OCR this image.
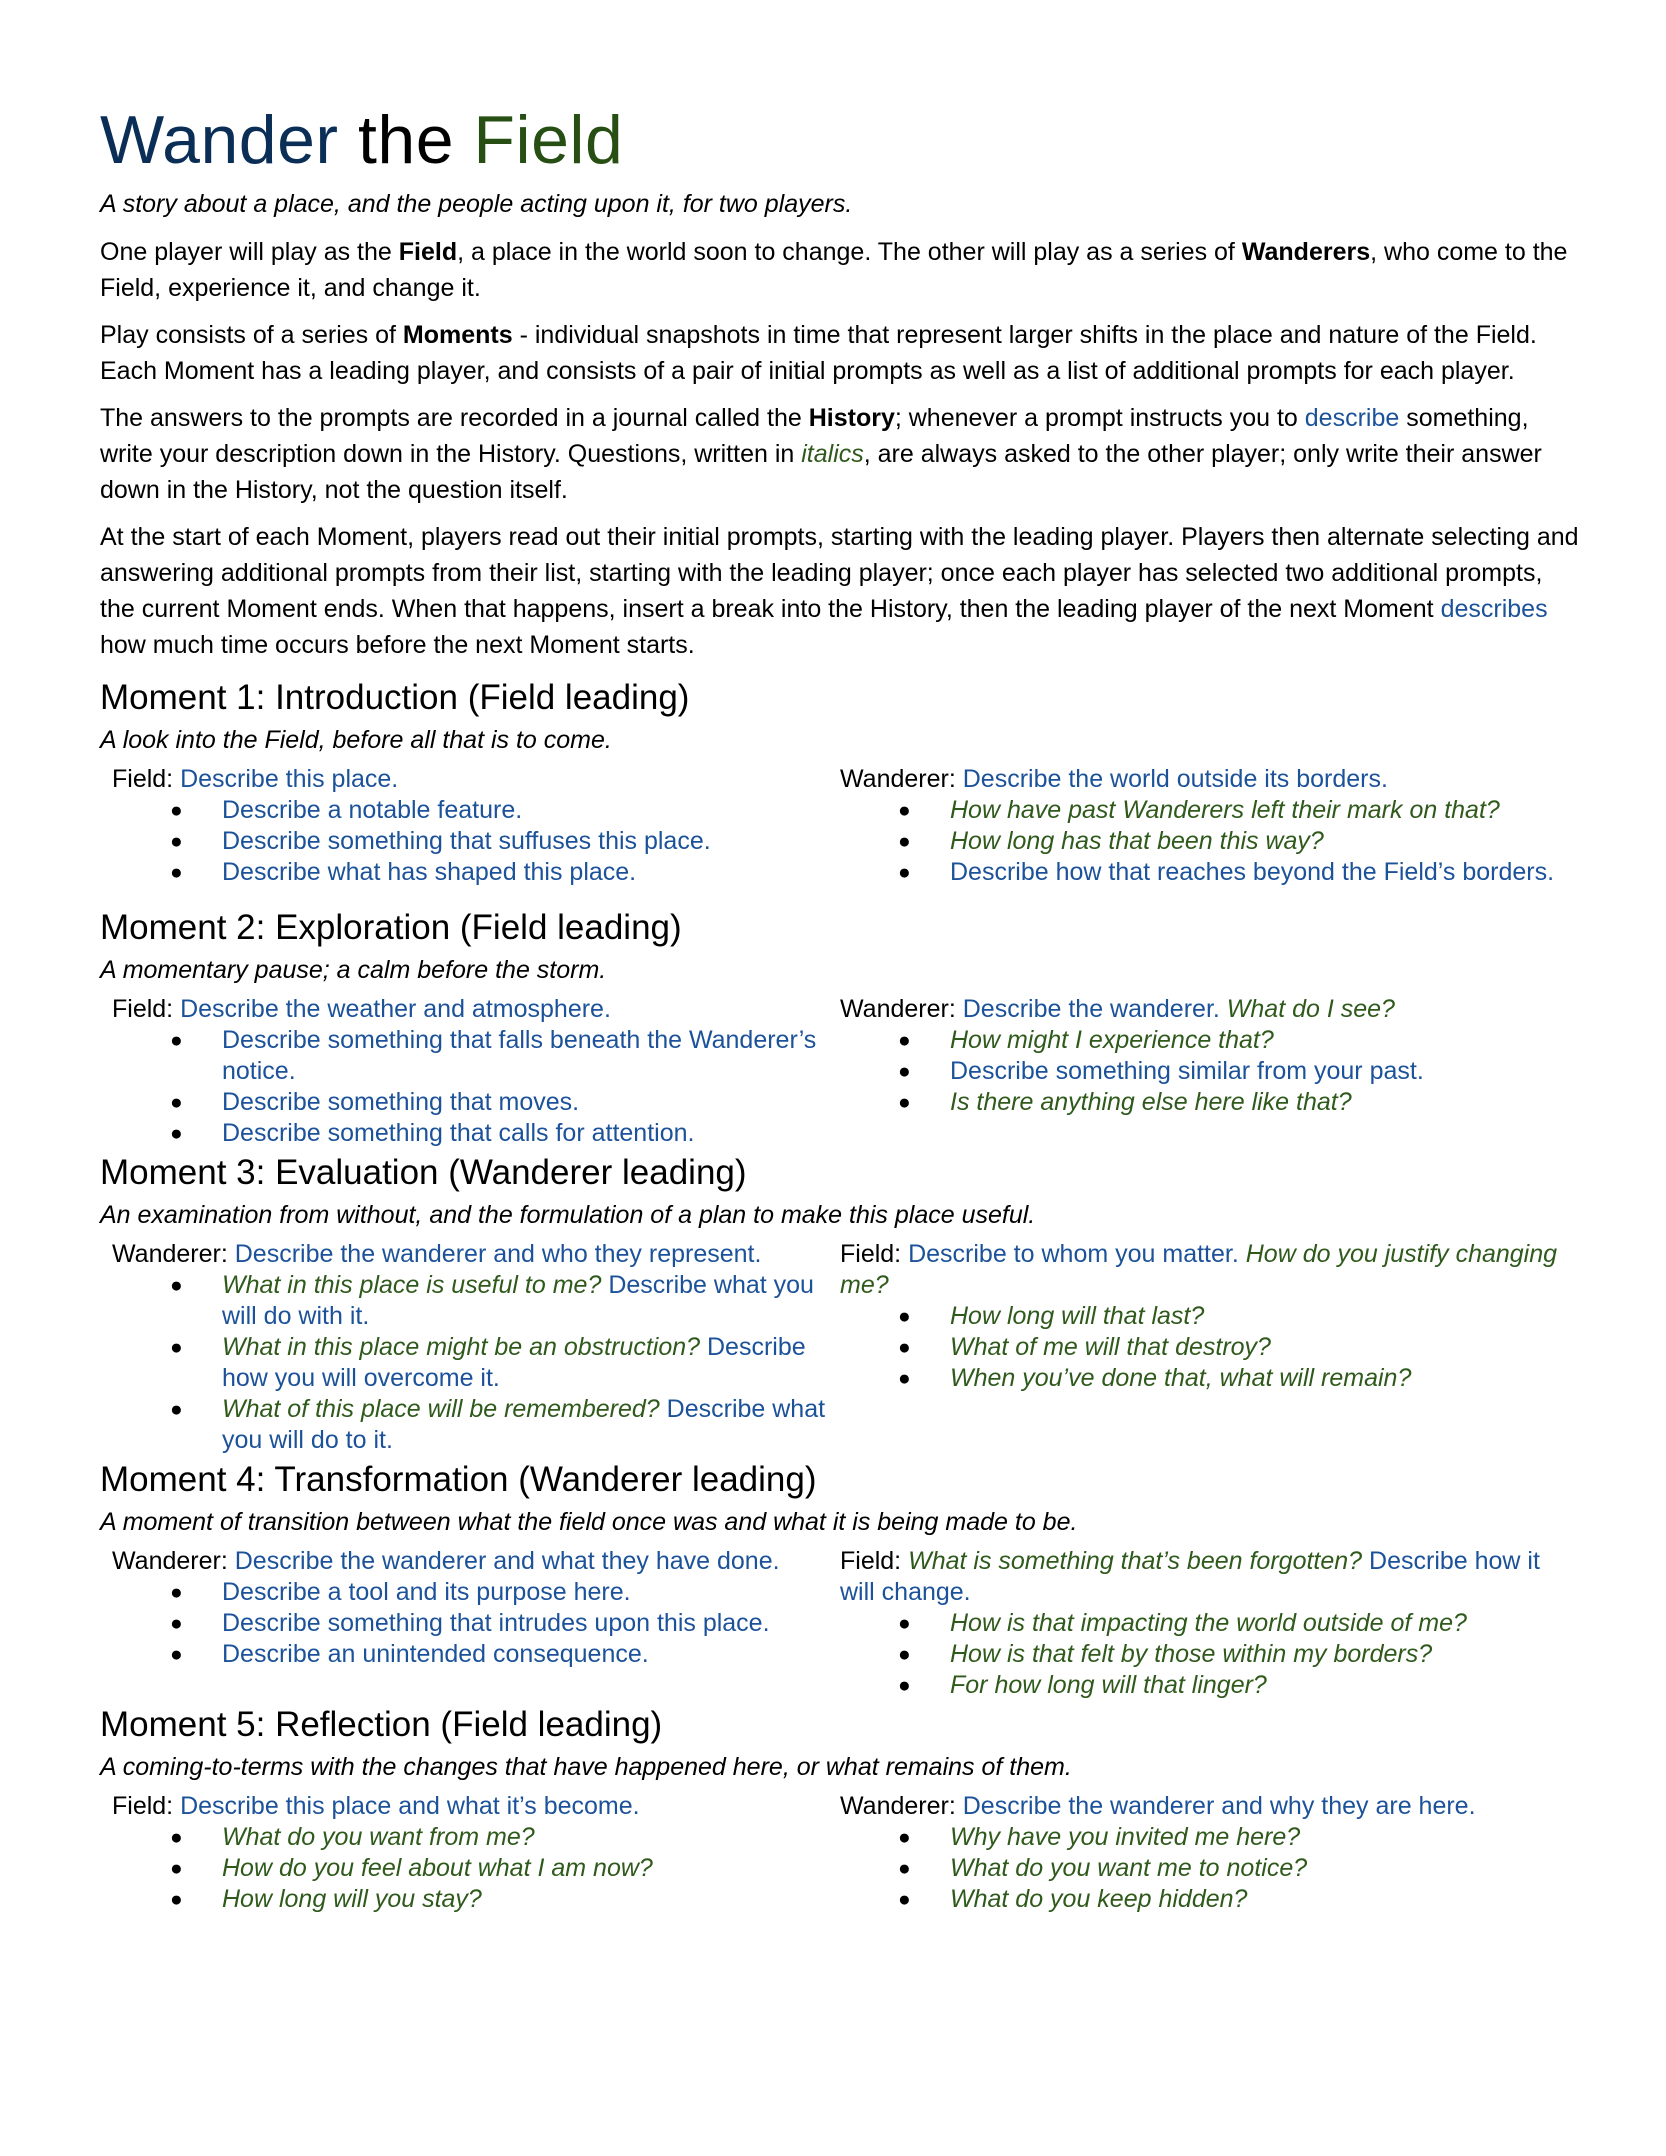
Wander the Field
A story about a place, and the people acting upon it, for two players.

One player will play as the Field, a place in the world soon to change. The other will play as a series of Wanderers, who come to the Field, experience it, and change it.

Play consists of a series of Moments - individual snapshots in time that represent larger shifts in the place and nature of the Field. Each Moment has a leading player, and consists of a pair of initial prompts as well as a list of additional prompts for each player.

The answers to the prompts are recorded in a journal called the History; whenever a prompt instructs you to describe something, write your description down in the History. Questions, written in italics, are always asked to the other player; only write their answer down in the History, not the question itself.

At the start of each Moment, players read out their initial prompts, starting with the leading player. Players then alternate selecting and answering additional prompts from their list, starting with the leading player; once each player has selected two additional prompts, the current Moment ends. When that happens, insert a break into the History, then the leading player of the next Moment describes how much time occurs before the next Moment starts.

Moment 1: Introduction (Field leading)
A look into the Field, before all that is to come.
Field: Describe this place.
● Describe a notable feature.
● Describe something that suffuses this place.
● Describe what has shaped this place.
Wanderer: Describe the world outside its borders.
● How have past Wanderers left their mark on that?
● How long has that been this way?
● Describe how that reaches beyond the Field’s borders.
Moment 2: Exploration (Field leading)
A momentary pause; a calm before the storm.
Field: Describe the weather and atmosphere.
● Describe something that falls beneath the Wanderer’s notice.
● Describe something that moves.
● Describe something that calls for attention.
Wanderer: Describe the wanderer. What do I see?
● How might I experience that?
● Describe something similar from your past.
● Is there anything else here like that?
Moment 3: Evaluation (Wanderer leading)
An examination from without, and the formulation of a plan to make this place useful.
Wanderer: Describe the wanderer and who they represent.
● What in this place is useful to me? Describe what you will do with it.
● What in this place might be an obstruction? Describe how you will overcome it.
● What of this place will be remembered? Describe what you will do to it.
Field: Describe to whom you matter. How do you justify changing me?
● How long will that last?
● What of me will that destroy?
● When you’ve done that, what will remain?
Moment 4: Transformation (Wanderer leading)
A moment of transition between what the field once was and what it is being made to be.
Wanderer: Describe the wanderer and what they have done.
● Describe a tool and its purpose here.
● Describe something that intrudes upon this place.
● Describe an unintended consequence.
Field: What is something that’s been forgotten? Describe how it will change.
● How is that impacting the world outside of me?
● How is that felt by those within my borders?
● For how long will that linger?
Moment 5: Reflection (Field leading)
A coming-to-terms with the changes that have happened here, or what remains of them.
Field: Describe this place and what it’s become.
● What do you want from me?
● How do you feel about what I am now?
● How long will you stay?
Wanderer: Describe the wanderer and why they are here.
● Why have you invited me here?
● What do you want me to notice?
● What do you keep hidden?
